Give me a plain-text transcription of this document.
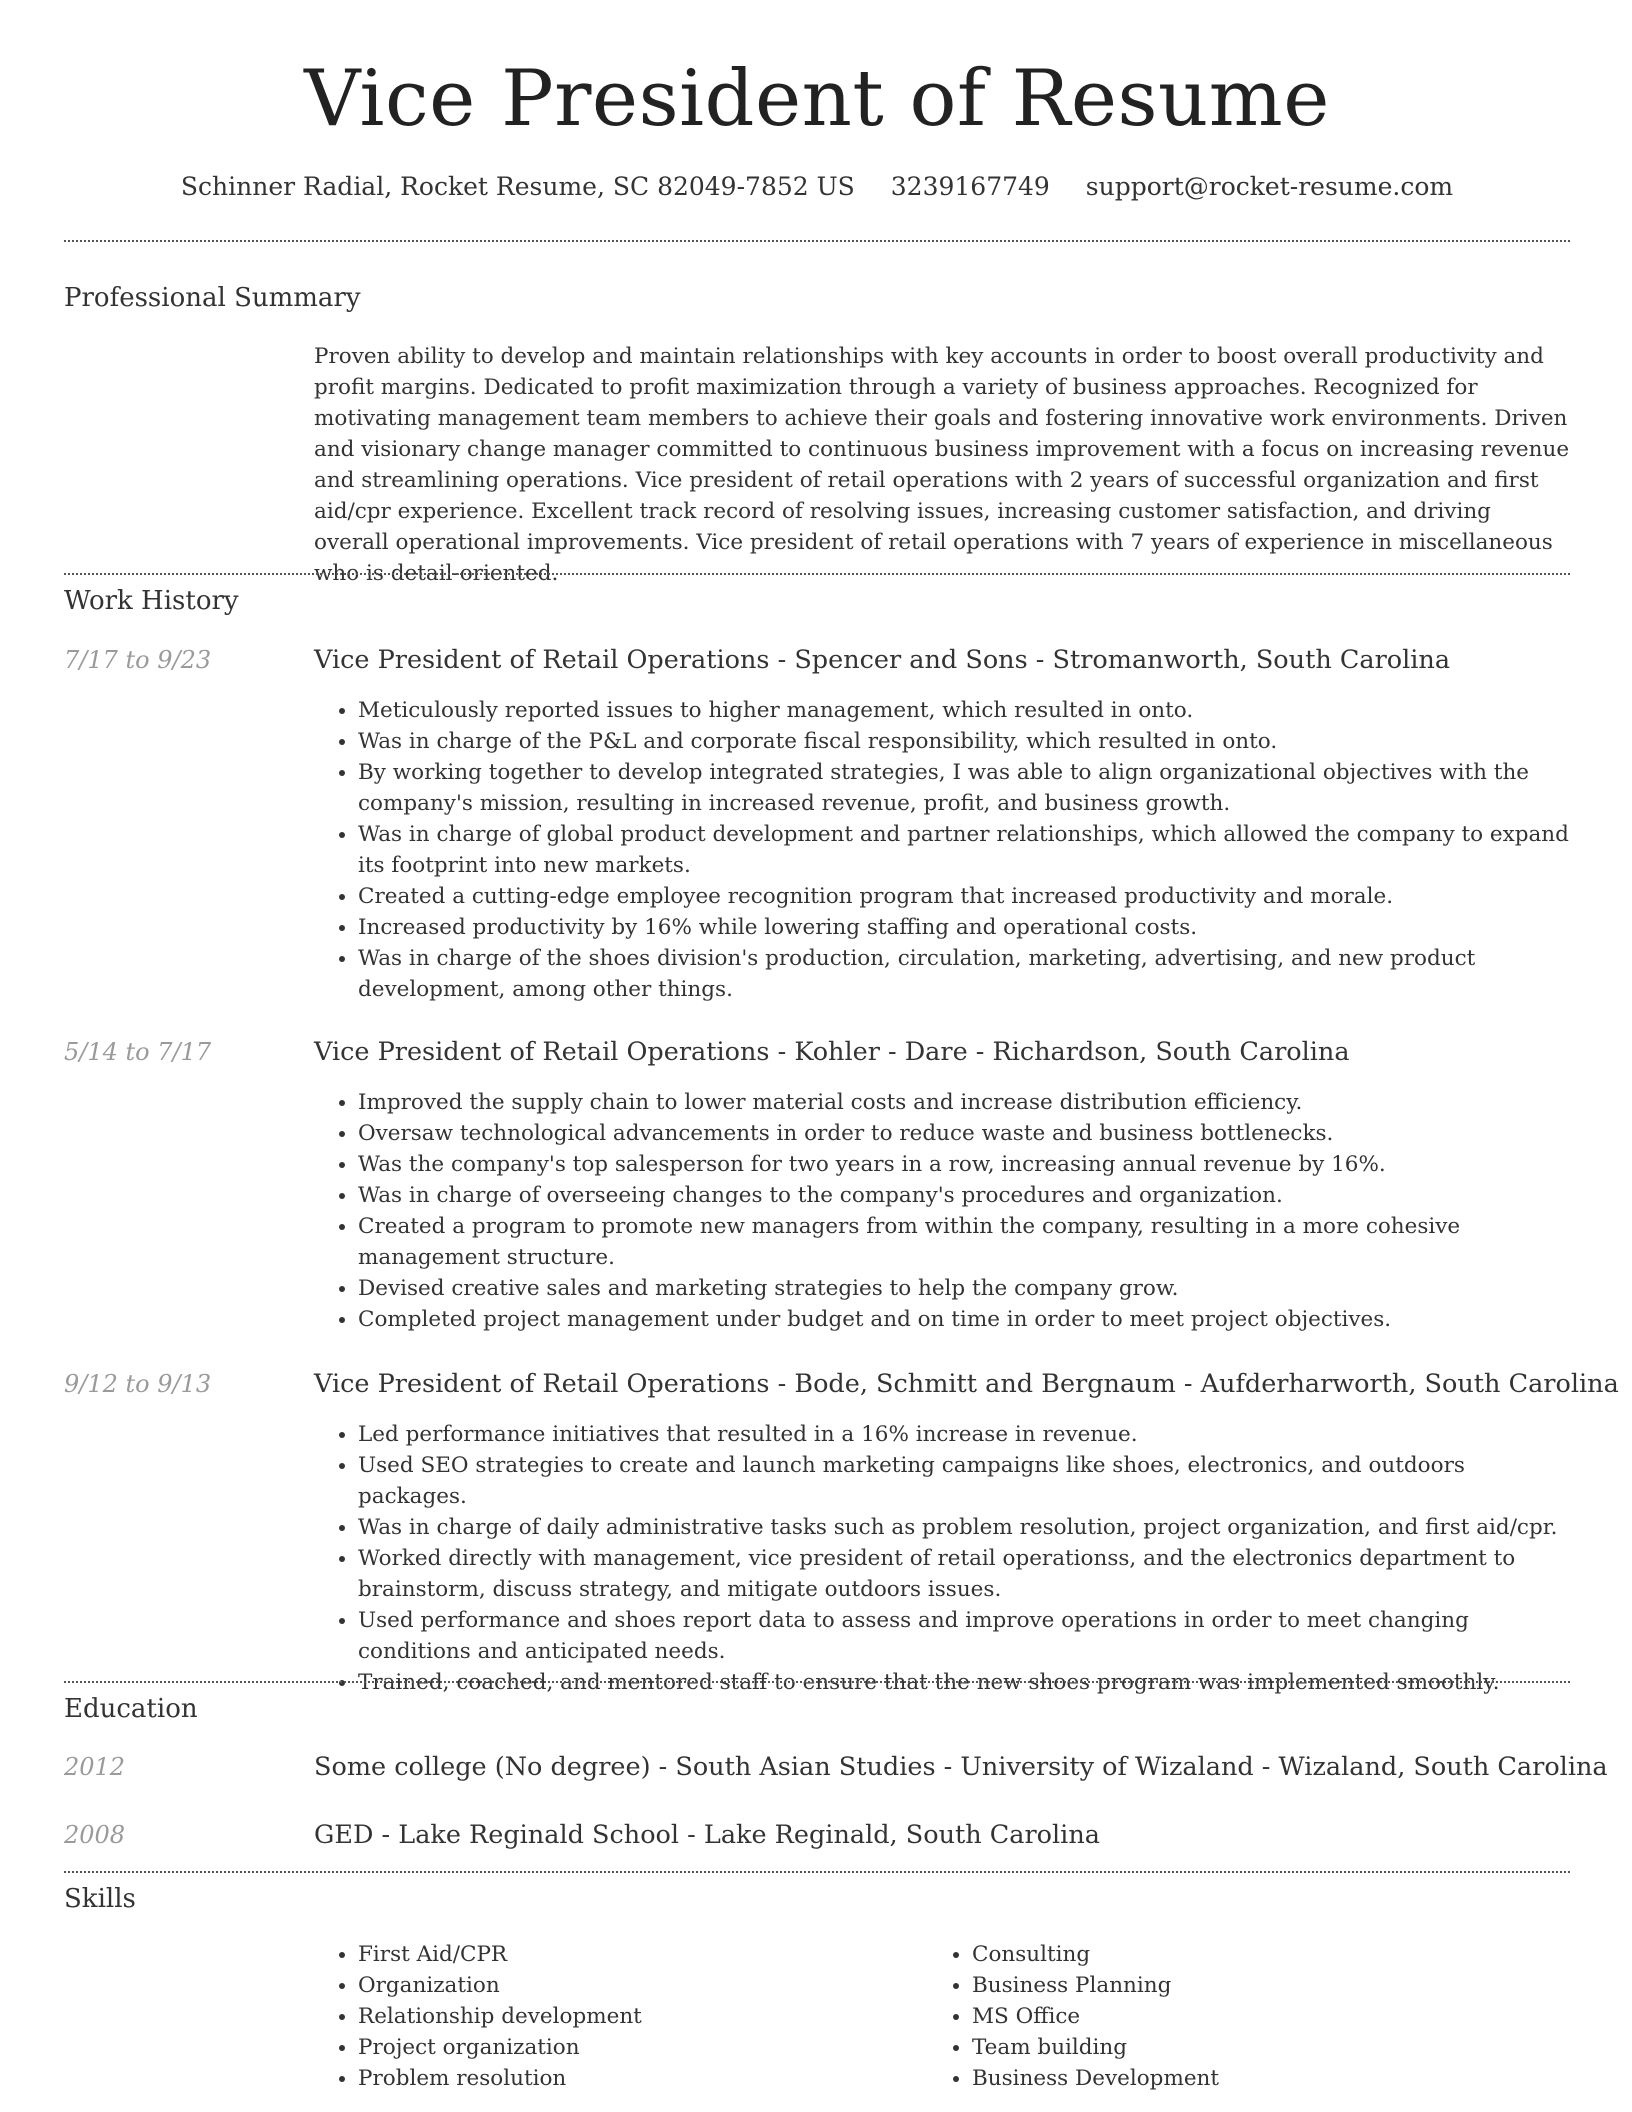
Vice President of Resume
Schinner Radial, Rocket Resume, SC 82049-7852 US 3239167749 support@rocket-resume.com
Professional Summary
Proven ability to develop and maintain relationships with key accounts in order to boost overall productivity and profit margins. Dedicated to profit maximization through a variety of business approaches. Recognized for motivating management team members to achieve their goals and fostering innovative work environments. Driven and visionary change manager committed to continuous business improvement with a focus on increasing revenue and streamlining operations. Vice president of retail operations with 2 years of successful organization and first aid/cpr experience. Excellent track record of resolving issues, increasing customer satisfaction, and driving overall operational improvements. Vice president of retail operations with 7 years of experience in miscellaneous who is detail-oriented.
Work History
7/17 to 9/23	Vice President of Retail Operations - Spencer and Sons - Stromanworth, South Carolina
• Meticulously reported issues to higher management, which resulted in onto.
• Was in charge of the P&L and corporate fiscal responsibility, which resulted in onto.
• By working together to develop integrated strategies, I was able to align organizational objectives with the company's mission, resulting in increased revenue, profit, and business growth.
• Was in charge of global product development and partner relationships, which allowed the company to expand its footprint into new markets.
• Created a cutting-edge employee recognition program that increased productivity and morale.
• Increased productivity by 16% while lowering staffing and operational costs.
• Was in charge of the shoes division's production, circulation, marketing, advertising, and new product development, among other things.
5/14 to 7/17	Vice President of Retail Operations - Kohler - Dare - Richardson, South Carolina
• Improved the supply chain to lower material costs and increase distribution efficiency.
• Oversaw technological advancements in order to reduce waste and business bottlenecks.
• Was the company's top salesperson for two years in a row, increasing annual revenue by 16%.
• Was in charge of overseeing changes to the company's procedures and organization.
• Created a program to promote new managers from within the company, resulting in a more cohesive management structure.
• Devised creative sales and marketing strategies to help the company grow.
• Completed project management under budget and on time in order to meet project objectives.
9/12 to 9/13	Vice President of Retail Operations - Bode, Schmitt and Bergnaum - Aufderharworth, South Carolina
• Led performance initiatives that resulted in a 16% increase in revenue.
• Used SEO strategies to create and launch marketing campaigns like shoes, electronics, and outdoors packages.
• Was in charge of daily administrative tasks such as problem resolution, project organization, and first aid/cpr.
• Worked directly with management, vice president of retail operationss, and the electronics department to brainstorm, discuss strategy, and mitigate outdoors issues.
• Used performance and shoes report data to assess and improve operations in order to meet changing conditions and anticipated needs.
• Trained, coached, and mentored staff to ensure that the new shoes program was implemented smoothly.
Education
2012	Some college (No degree) - South Asian Studies - University of Wizaland - Wizaland, South Carolina
2008	GED - Lake Reginald School - Lake Reginald, South Carolina
Skills
• First Aid/CPR
• Organization
• Relationship development
• Project organization
• Problem resolution
• Consulting
• Business Planning
• MS Office
• Team building
• Business Development
